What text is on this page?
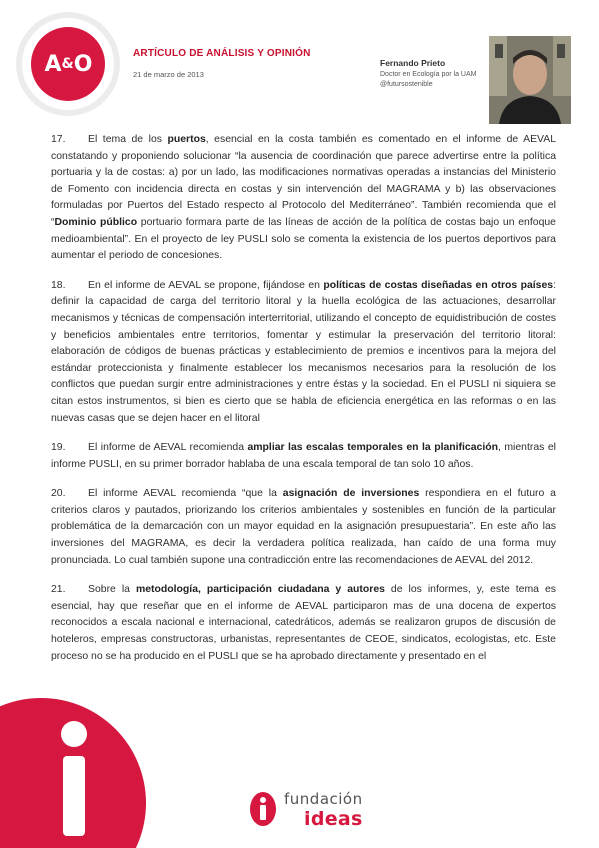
A & O	ARTÍCULO DE ANÁLISIS Y OPINIÓN
21 de marzo de 2013
Fernando Prieto
Doctor en Ecología por la UAM
@futursostenible

17. El tema de los puertos, esencial en la costa también es comentado en el informe de AEVAL constatando y proponiendo solucionar “la ausencia de coordinación que parece advertirse entre la política portuaria y la de costas: a) por un lado, las modificaciones normativas operadas a instancias del Ministerio de Fomento con incidencia directa en costas y sin intervención del MAGRAMA y b) las observaciones formuladas por Puertos del Estado respecto al Protocolo del Mediterráneo”. También recomienda que el “Dominio público portuario formara parte de las líneas de acción de la política de costas bajo un enfoque medioambiental”. En el proyecto de ley PUSLI solo se comenta la existencia de los puertos deportivos para aumentar el periodo de concesiones.

18. En el informe de AEVAL se propone, fijándose en políticas de costas diseñadas en otros países: definir la capacidad de carga del territorio litoral y la huella ecológica de las actuaciones, desarrollar mecanismos y técnicas de compensación interterritorial, utilizando el concepto de equidistribución de costes y beneficios ambientales entre territorios, fomentar y estimular la preservación del territorio litoral: elaboración de códigos de buenas prácticas y establecimiento de premios e incentivos para la mejora del estándar proteccionista y finalmente establecer los mecanismos necesarios para la resolución de los conflictos que puedan surgir entre administraciones y entre éstas y la sociedad. En el PUSLI ni siquiera se citan estos instrumentos, si bien es cierto que se habla de eficiencia energética en las reformas o en las nuevas casas que se dejen hacer en el litoral

19. El informe de AEVAL recomienda ampliar las escalas temporales en la planificación, mientras el informe PUSLI, en su primer borrador hablaba de una escala temporal de tan solo 10 años.

20. El informe AEVAL recomienda “que la asignación de inversiones respondiera en el futuro a criterios claros y pautados, priorizando los criterios ambientales y sostenibles en función de la particular problemática de la demarcación con un mayor equidad en la asignación presupuestaria”. En este año las inversiones del MAGRAMA, es decir la verdadera política realizada, han caído de una forma muy pronunciada. Lo cual también supone una contradicción entre las recomendaciones de AEVAL del 2012.

21. Sobre la metodología, participación ciudadana y autores de los informes, y, este tema es esencial, hay que reseñar que en el informe de AEVAL participaron mas de una docena de expertos reconocidos a escala nacional e internacional, catedráticos, además se realizaron grupos de discusión de hoteleros, empresas constructoras, urbanistas, representantes de CEOE, sindicatos, ecologistas, etc. Este proceso no se ha producido en el PUSLI que se ha aprobado directamente y presentado en el

fundación
ideas
